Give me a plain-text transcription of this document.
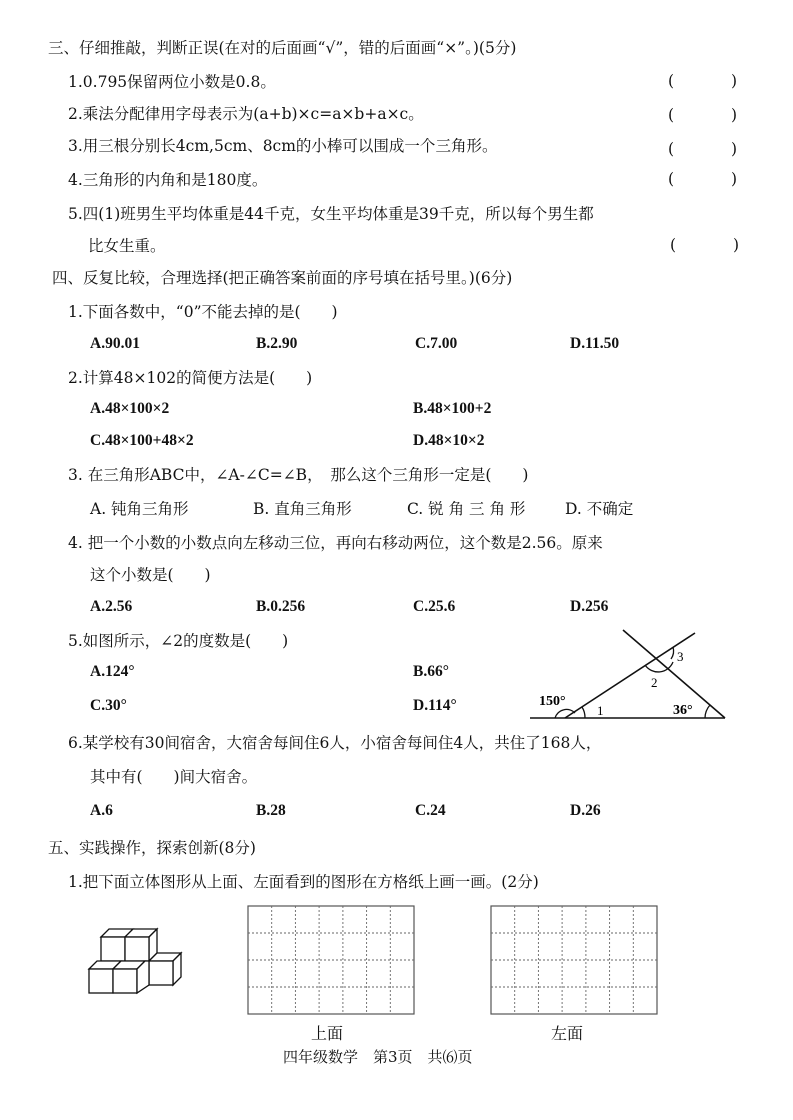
三、仔细推敲，判断正误(在对的后面画“√”，错的后面画“×”。)(5分)
1.0.795保留两位小数是0.8。	( )
2.乘法分配律用字母表示为(a+b)×c=a×b+a×c。	( )
3.用三根分别长4cm,5cm、8cm的小棒可以围成一个三角形。	( )
4.三角形的内角和是180度。	( )
5.四(1)班男生平均体重是44千克，女生平均体重是39千克，所以每个男生都
比女生重。	( )
四、反复比较，合理选择(把正确答案前面的序号填在括号里。)(6分)
1.下面各数中，“0”不能去掉的是(　　)
A.90.01	B.2.90	C.7.00	D.11.50
2.计算48×102的简便方法是(　　)
A.48×100×2	B.48×100+2
C.48×100+48×2	D.48×10×2
3. 在三角形ABC中，∠A-∠C=∠B，　那么这个三角形一定是(　　)
A. 钝角三角形	B. 直角三角形	C. 锐 角 三 角 形	D. 不确定
4. 把一个小数的小数点向左移动三位，再向右移动两位，这个数是2.56。原来
这个小数是(　　)
A.2.56	B.0.256	C.25.6	D.256
5.如图所示，∠2的度数是(　　)
A.124°	B.66°
C.30°	D.114°	150°
1
2
3
36°
6.某学校有30间宿舍，大宿舍每间住6人，小宿舍每间住4人，共住了168人，
其中有(　　)间大宿舍。
A.6	B.28	C.24	D.26
五、实践操作，探索创新(8分)
1.把下面立体图形从上面、左面看到的图形在方格纸上画一画。(2分)
上面	左面
四年级数学　第3页　共⑹页
